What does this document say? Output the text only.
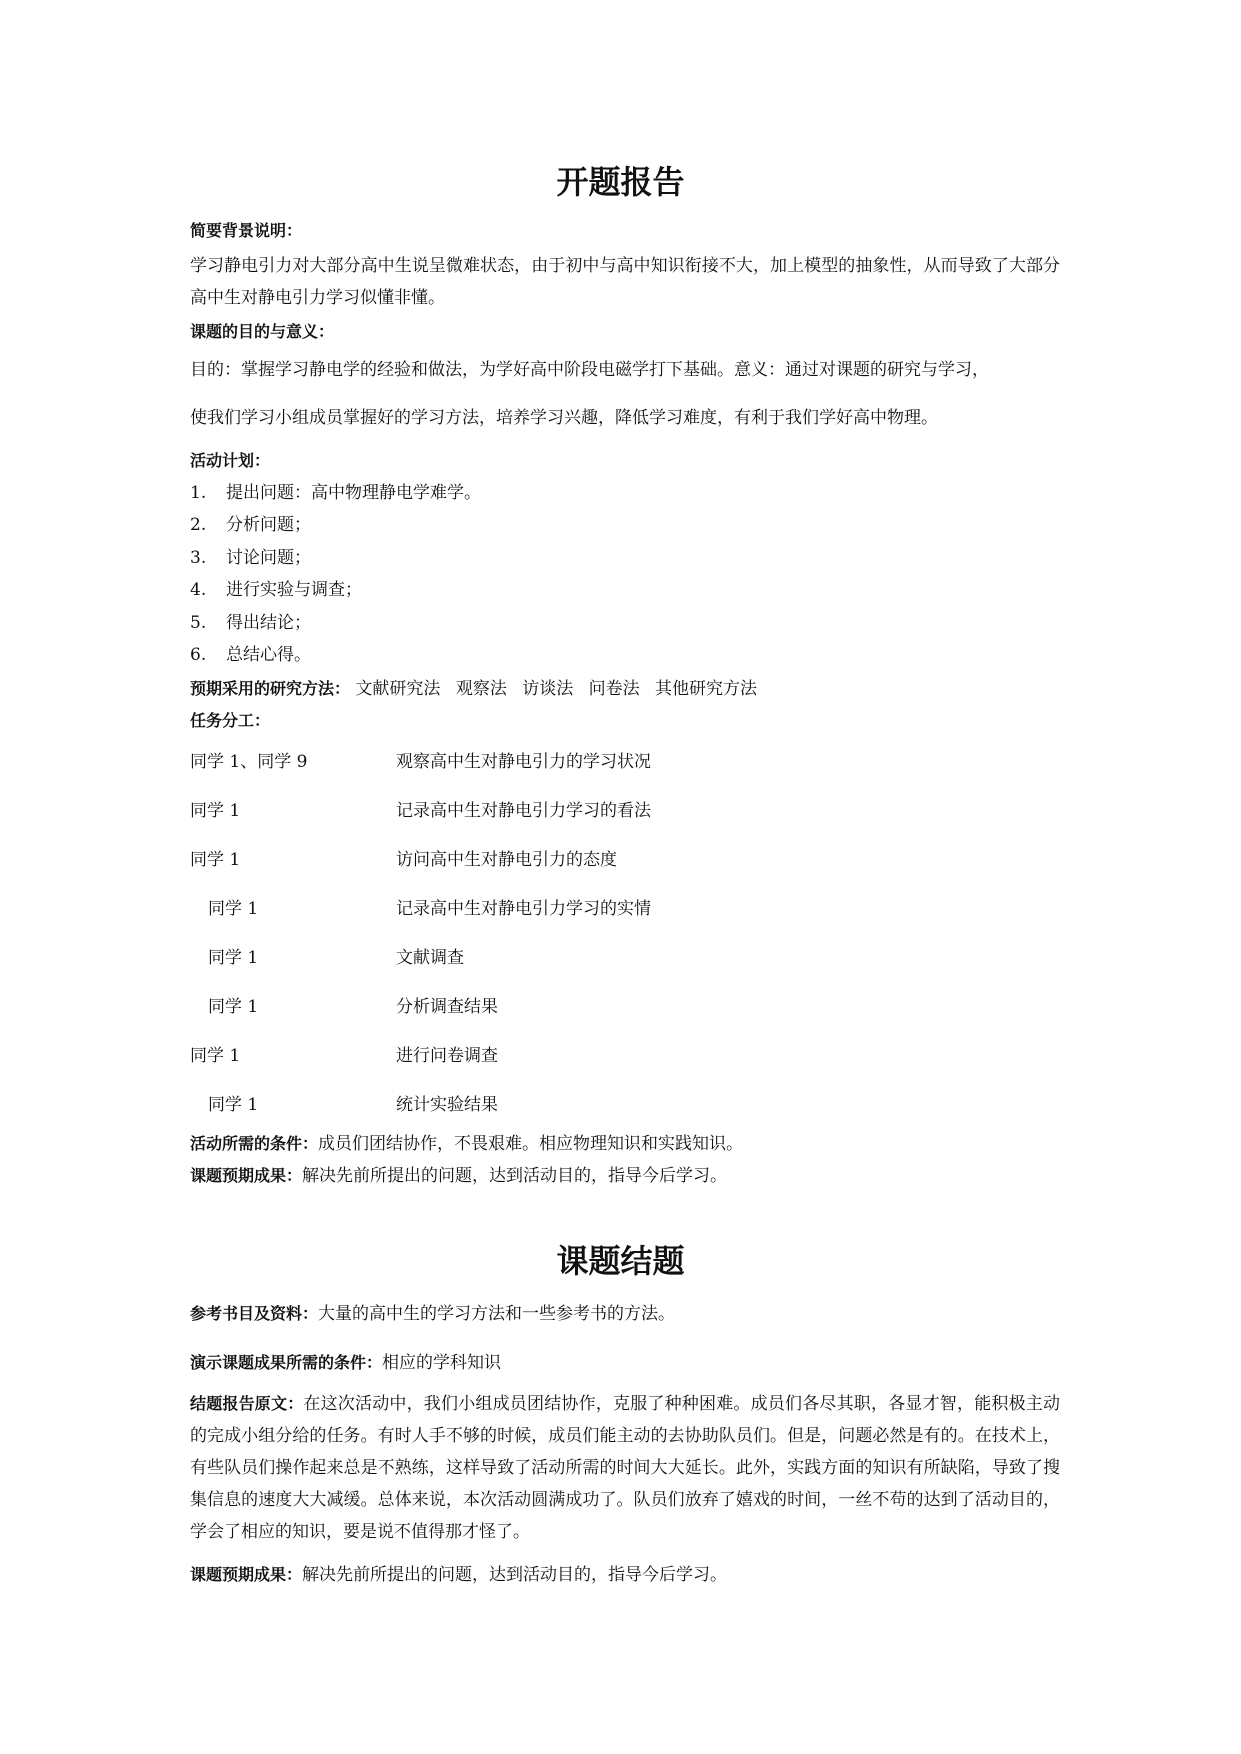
开题报告
简要背景说明：
学习静电引力对大部分高中生说呈微难状态，由于初中与高中知识衔接不大，加上模型的抽象性，从而导致了大部分高中生对静电引力学习似懂非懂。
课题的目的与意义：
目的：掌握学习静电学的经验和做法，为学好高中阶段电磁学打下基础。意义：通过对课题的研究与学习，
使我们学习小组成员掌握好的学习方法，培养学习兴趣，降低学习难度，有利于我们学好高中物理。
活动计划：
1. 提出问题：高中物理静电学难学。
2. 分析问题；
3. 讨论问题；
4. 进行实验与调查；
5. 得出结论；
6. 总结心得。
预期采用的研究方法： 文献研究法 观察法 访谈法 问卷法 其他研究方法
任务分工：
同学 1、同学 9	观察高中生对静电引力的学习状况
同学 1	记录高中生对静电引力学习的看法
同学 1	访问高中生对静电引力的态度
同学 1	记录高中生对静电引力学习的实情
同学 1	文献调查
同学 1	分析调查结果
同学 1	进行问卷调查
同学 1	统计实验结果
活动所需的条件：成员们团结协作，不畏艰难。相应物理知识和实践知识。
课题预期成果：解决先前所提出的问题，达到活动目的，指导今后学习。
课题结题
参考书目及资料：大量的高中生的学习方法和一些参考书的方法。
演示课题成果所需的条件：相应的学科知识
结题报告原文：在这次活动中，我们小组成员团结协作，克服了种种困难。成员们各尽其职，各显才智，能积极主动的完成小组分给的任务。有时人手不够的时候，成员们能主动的去协助队员们。但是，问题必然是有的。在技术上，有些队员们操作起来总是不熟练，这样导致了活动所需的时间大大延长。此外，实践方面的知识有所缺陷，导致了搜集信息的速度大大减缓。总体来说，本次活动圆满成功了。队员们放弃了嬉戏的时间，一丝不苟的达到了活动目的，学会了相应的知识，要是说不值得那才怪了。
课题预期成果：解决先前所提出的问题，达到活动目的，指导今后学习。
